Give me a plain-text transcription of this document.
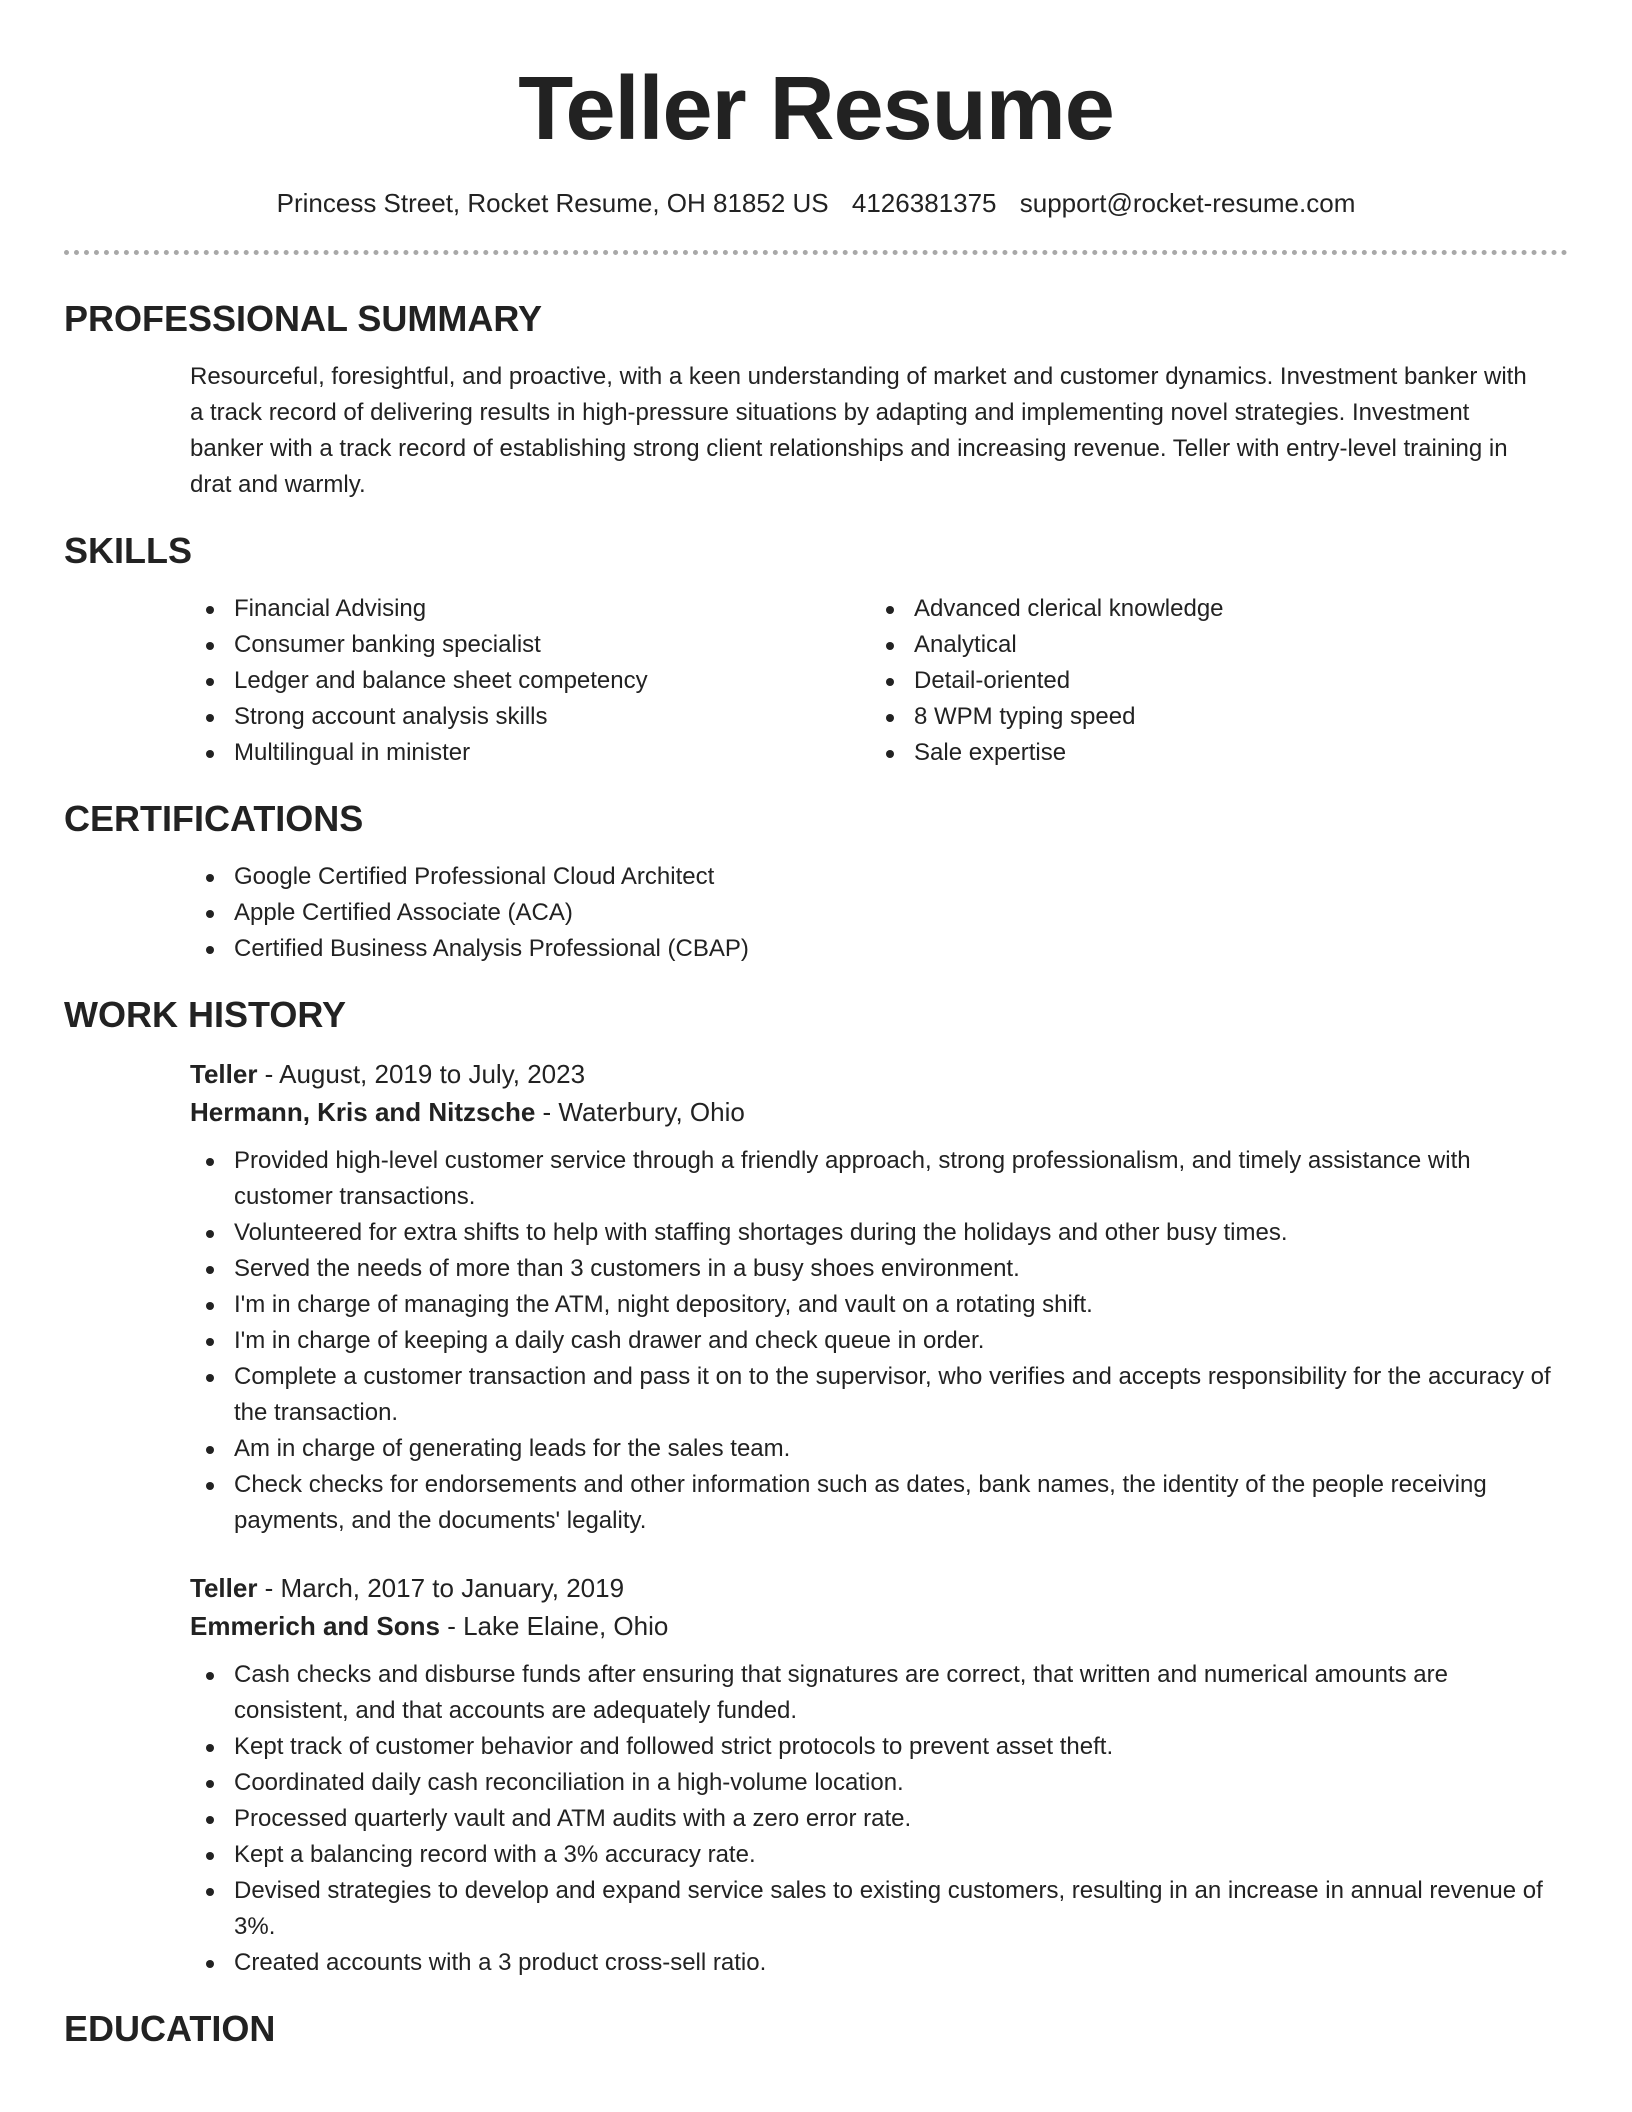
Teller Resume
Princess Street, Rocket Resume, OH 81852 US 4126381375 support@rocket-resume.com
PROFESSIONAL SUMMARY
Resourceful, foresightful, and proactive, with a keen understanding of market and customer dynamics. Investment banker with a track record of delivering results in high-pressure situations by adapting and implementing novel strategies. Investment banker with a track record of establishing strong client relationships and increasing revenue. Teller with entry-level training in drat and warmly.
SKILLS
Financial Advising
Consumer banking specialist
Ledger and balance sheet competency
Strong account analysis skills
Multilingual in minister
Advanced clerical knowledge
Analytical
Detail-oriented
8 WPM typing speed
Sale expertise
CERTIFICATIONS
Google Certified Professional Cloud Architect
Apple Certified Associate (ACA)
Certified Business Analysis Professional (CBAP)
WORK HISTORY
Teller - August, 2019 to July, 2023
Hermann, Kris and Nitzsche - Waterbury, Ohio
Provided high-level customer service through a friendly approach, strong professionalism, and timely assistance with customer transactions.
Volunteered for extra shifts to help with staffing shortages during the holidays and other busy times.
Served the needs of more than 3 customers in a busy shoes environment.
I'm in charge of managing the ATM, night depository, and vault on a rotating shift.
I'm in charge of keeping a daily cash drawer and check queue in order.
Complete a customer transaction and pass it on to the supervisor, who verifies and accepts responsibility for the accuracy of the transaction.
Am in charge of generating leads for the sales team.
Check checks for endorsements and other information such as dates, bank names, the identity of the people receiving payments, and the documents' legality.
Teller - March, 2017 to January, 2019
Emmerich and Sons - Lake Elaine, Ohio
Cash checks and disburse funds after ensuring that signatures are correct, that written and numerical amounts are consistent, and that accounts are adequately funded.
Kept track of customer behavior and followed strict protocols to prevent asset theft.
Coordinated daily cash reconciliation in a high-volume location.
Processed quarterly vault and ATM audits with a zero error rate.
Kept a balancing record with a 3% accuracy rate.
Devised strategies to develop and expand service sales to existing customers, resulting in an increase in annual revenue of 3%.
Created accounts with a 3 product cross-sell ratio.
EDUCATION
